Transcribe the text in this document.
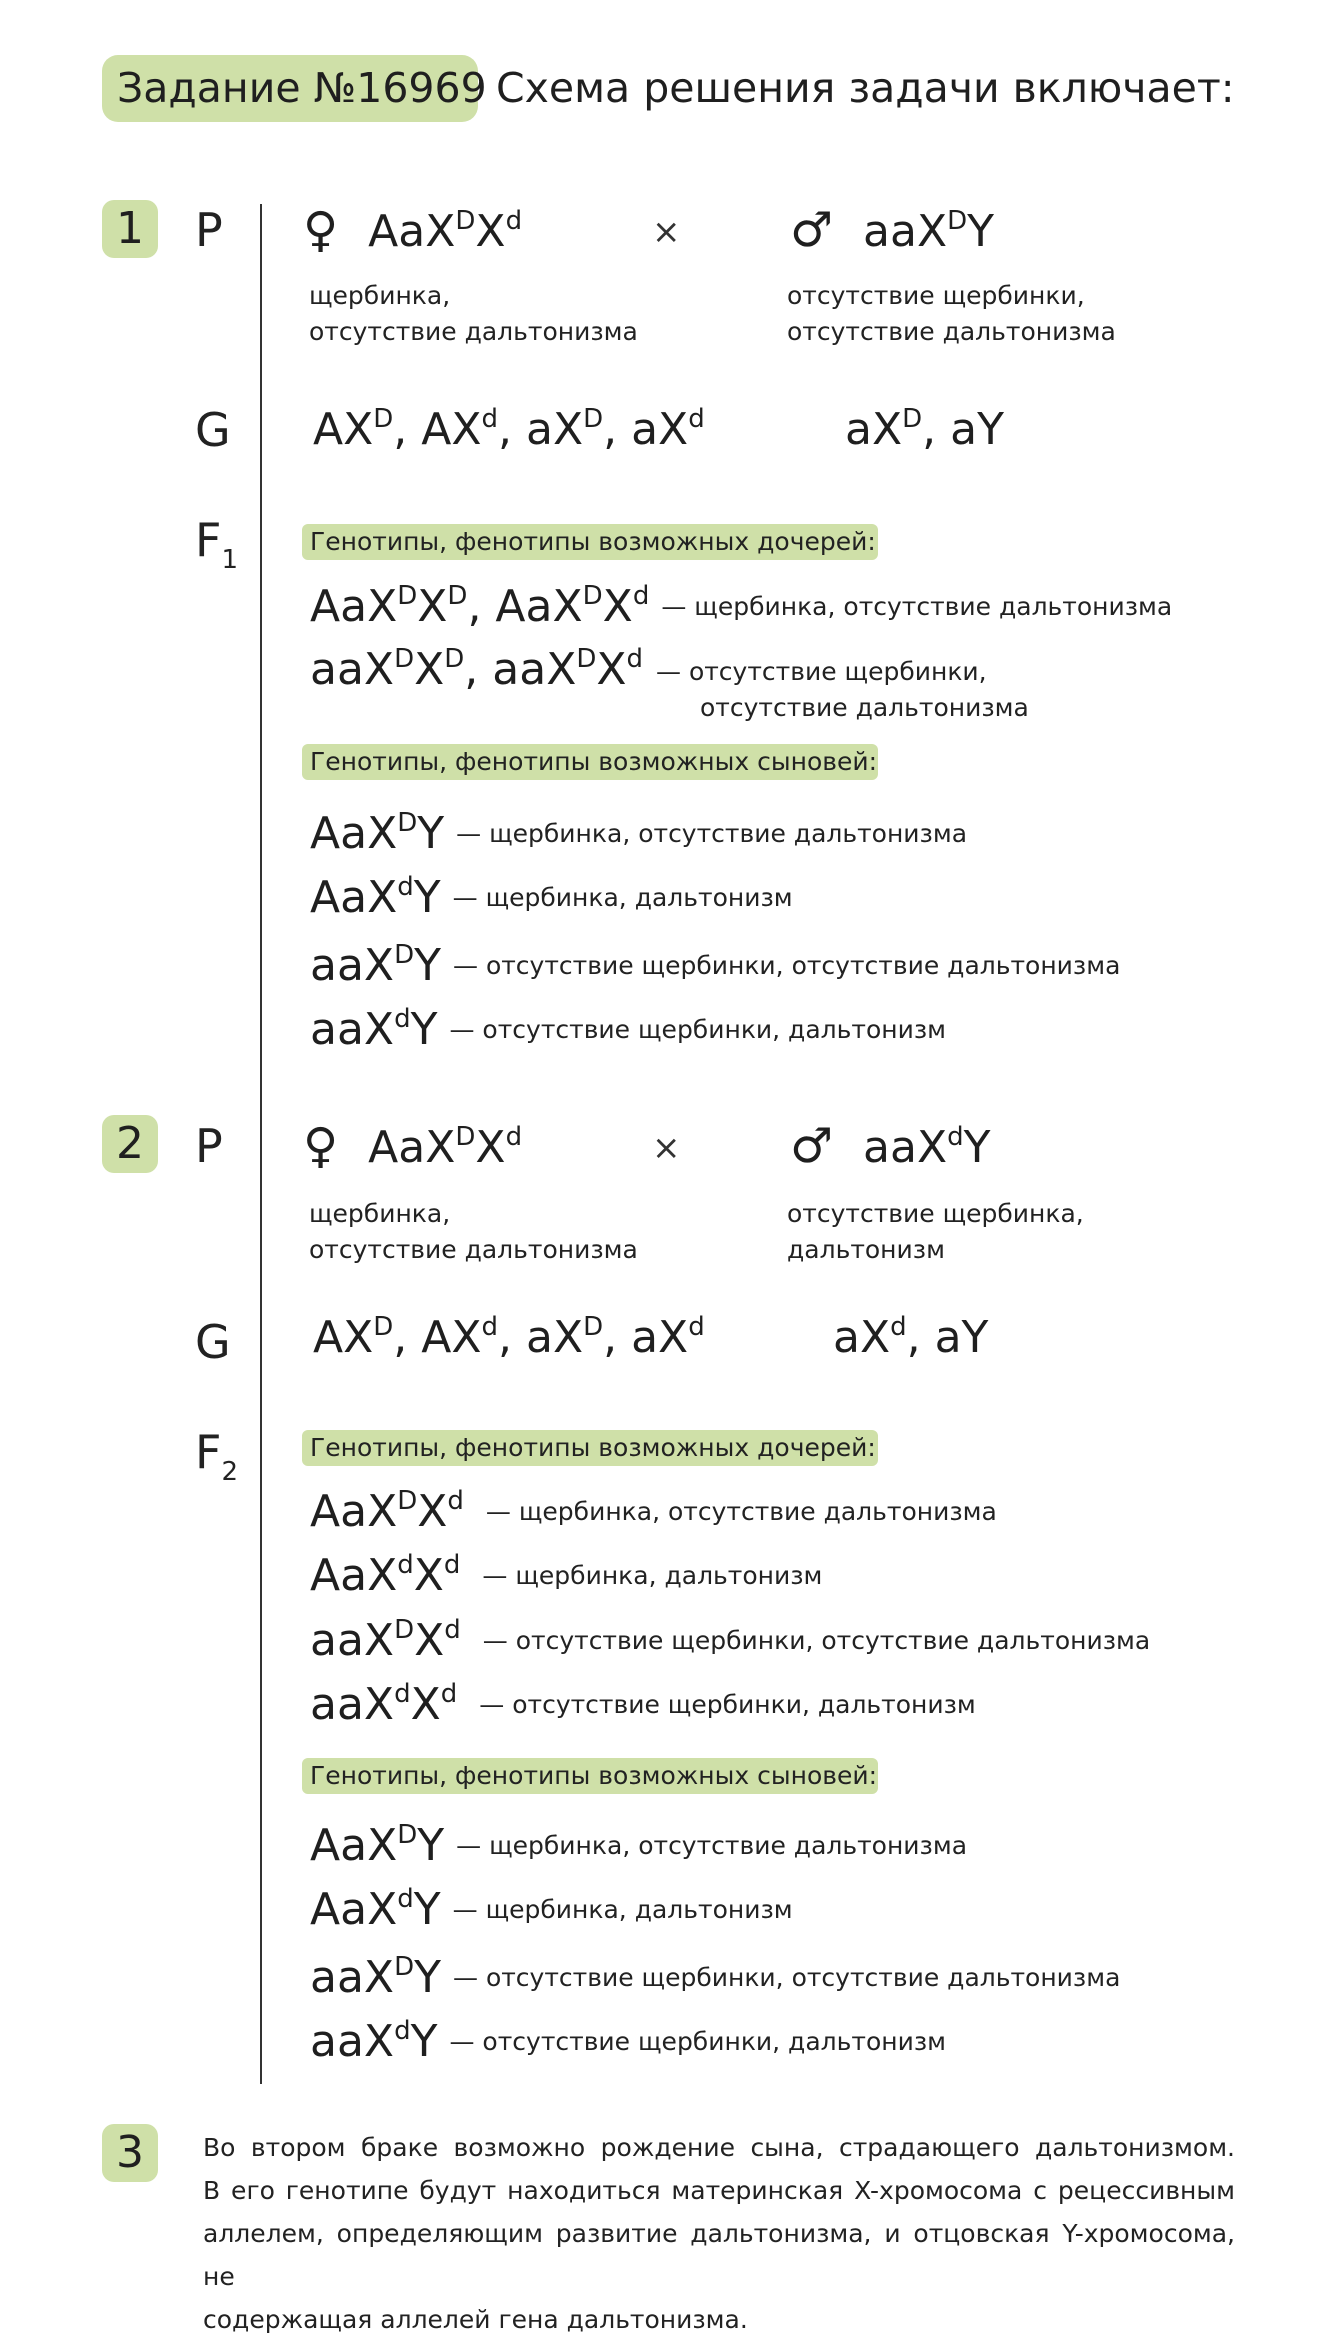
Задание №16969 Схема решения задачи включает:
1	P ♀ $AaX^DX^d$	× ♂ aaX$^D$Y
щербинка,
отсутствие дальтонизма
отсутствие щербинки,
отсутствие дальтонизма
G $AX^D$, $AX^d$, $aX^D$, $aX^d$	$aX^D$, aY
$F_1$
Генотипы, фенотипы возможных дочерей:
$AaX^DX^D$, $AaX^DX^d$ — щербинка, отсутствие дальтонизма
$aaX^DX^D$, $aaX^DX^d$ — отсутствие щербинки,
отсутствие дальтонизма
Генотипы, фенотипы возможных сыновей:
AaX$^D$Y — щербинка, отсутствие дальтонизма
AaX$^d$Y — щербинка, дальтонизм
aaX$^D$Y — отсутствие щербинки, отсутствие дальтонизма
aaX$^d$Y — отсутствие щербинки, дальтонизм
2	P ♀ $AaX^DX^d$	× ♂ aaX$^d$Y
щербинка,
отсутствие дальтонизма
отсутствие щербинка,
дальтонизм
G $AX^D$, $AX^d$, $aX^D$, $aX^d$	$aX^d$, aY
$F_2$
Генотипы, фенотипы возможных дочерей:
$AaX^DX^d$ — щербинка, отсутствие дальтонизма
$AaX^dX^d$ — щербинка, дальтонизм
$aaX^DX^d$ — отсутствие щербинки, отсутствие дальтонизма
$aaX^dX^d$ — отсутствие щербинки, дальтонизм
Генотипы, фенотипы возможных сыновей:
AaX$^D$Y — щербинка, отсутствие дальтонизма
AaX$^d$Y — щербинка, дальтонизм
aaX$^D$Y — отсутствие щербинки, отсутствие дальтонизма
aaX$^d$Y — отсутствие щербинки, дальтонизм
3	Во втором браке возможно рождение сына, страдающего дальтонизмом.
В его генотипе будут находиться материнская X-хромосома с рецессивным
аллелем, определяющим развитие дальтонизма, и отцовская Y-хромосома, не
содержащая аллелей гена дальтонизма.
